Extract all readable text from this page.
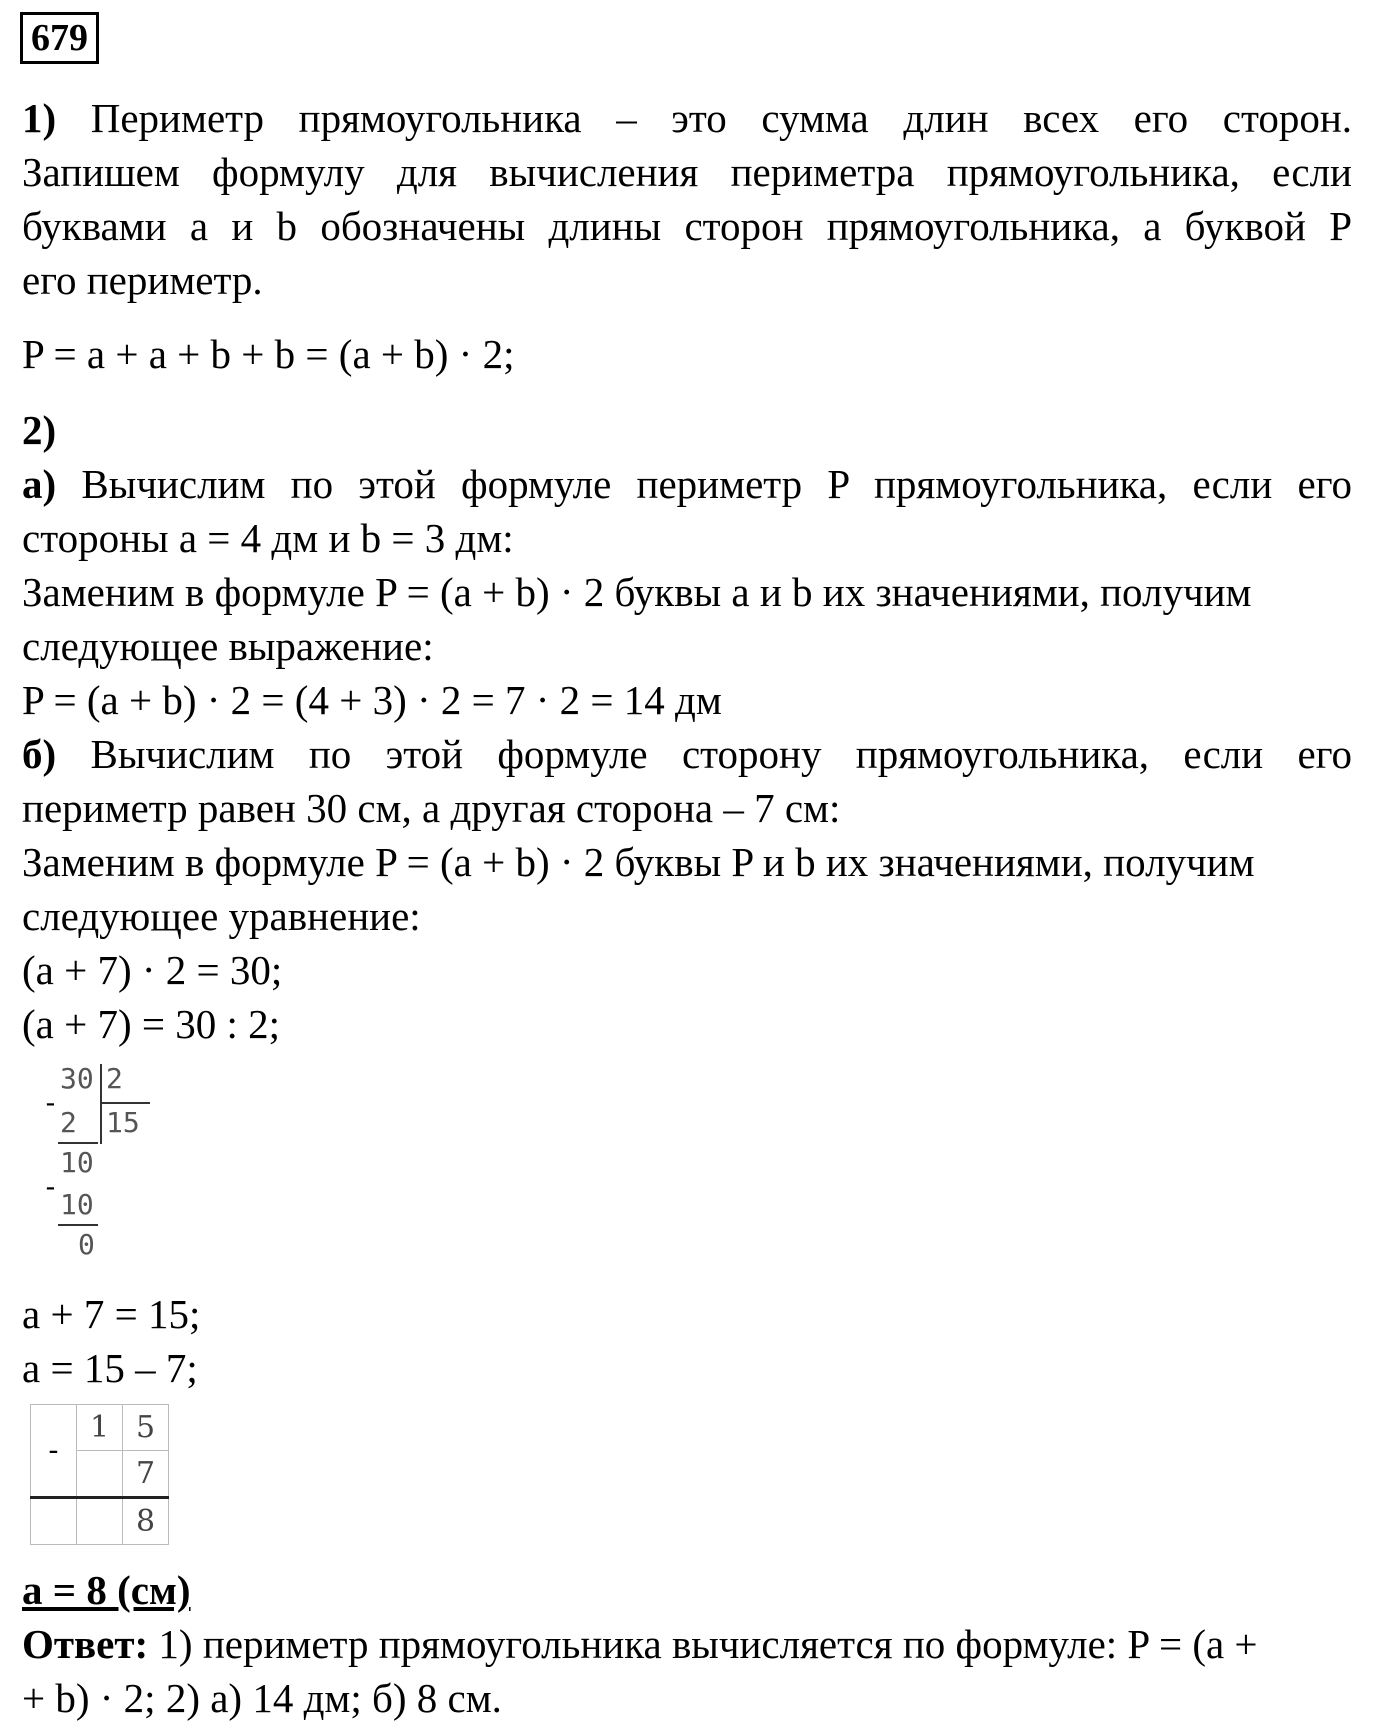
679
1) Периметр прямоугольника – это сумма длин всех его сторон.
Запишем формулу для вычисления периметра прямоугольника, если
буквами a и b обозначены длины сторон прямоугольника, а буквой P
его периметр.
P = a + a + b + b = (a + b) · 2;
2)
а) Вычислим по этой формуле периметр P прямоугольника, если его
стороны a = 4 дм и b = 3 дм:
Заменим в формуле P = (a + b) · 2 буквы a и b их значениями, получим
следующее выражение:
P = (a + b) · 2 = (4 + 3) · 2 = 7 · 2 = 14 дм
б) Вычислим по этой формуле сторону прямоугольника, если его
периметр равен 30 см, а другая сторона – 7 см:
Заменим в формуле P = (a + b) · 2 буквы P и b их значениями, получим
следующее уравнение:
(a + 7) · 2 = 30;
(a + 7) = 30 : 2;
30 2
15
-
2
10
-
10
0
a + 7 = 15;
a = 15 – 7;
-	1	5
		7
		8
a = 8 (см)
Ответ: 1) периметр прямоугольника вычисляется по формуле: P = (a +
+ b) · 2; 2) а) 14 дм; б) 8 см.
